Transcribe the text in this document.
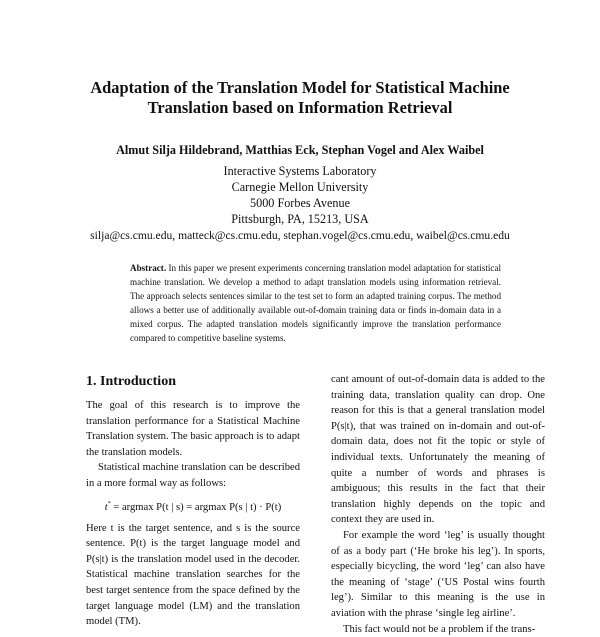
Adaptation of the Translation Model for Statistical Machine
Translation based on Information Retrieval
Almut Silja Hildebrand, Matthias Eck, Stephan Vogel and Alex Waibel
Interactive Systems Laboratory
Carnegie Mellon University
5000 Forbes Avenue
Pittsburgh, PA, 15213, USA
silja@cs.cmu.edu, matteck@cs.cmu.edu, stephan.vogel@cs.cmu.edu, waibel@cs.cmu.edu
Abstract. In this paper we present experiments concerning translation model adaptation for statistical machine translation. We develop a method to adapt translation models using information retrieval. The approach selects sentences similar to the test set to form an adapted training corpus. The method allows a better use of additionally available out-of-domain training data or finds in-domain data in a mixed corpus. The adapted translation models significantly improve the translation performance compared to competitive baseline systems.
1. Introduction

The goal of this research is to improve the translation performance for a Statistical Machine Translation system. The basic approach is to adapt the translation models.

Statistical machine translation can be described in a more formal way as follows:

t* = argmax P(t | s) = argmax P(s | t) · P(t)

Here t is the target sentence, and s is the source sentence. P(t) is the target language model and P(s|t) is the translation model used in the decoder. Statistical machine translation searches for the best target sentence from the space defined by the target language model (LM) and the translation model (TM).

cant amount of out-of-domain data is added to the training data, translation quality can drop. One reason for this is that a general translation model P(s|t), that was trained on in-domain and out-of-domain data, does not fit the topic or style of individual texts. Unfortunately the meaning of quite a number of words and phrases is ambiguous; this results in the fact that their translation highly depends on the topic and context they are used in.

For example the word ‘leg’ is usually thought of as a body part (‘He broke his leg’). In sports, especially bicycling, the word ‘leg’ can also have the meaning of ‘stage’ (‘US Postal wins fourth leg’). Similar to this meaning is the use in aviation with the phrase ‘single leg airline’.

This fact would not be a problem if the trans-
